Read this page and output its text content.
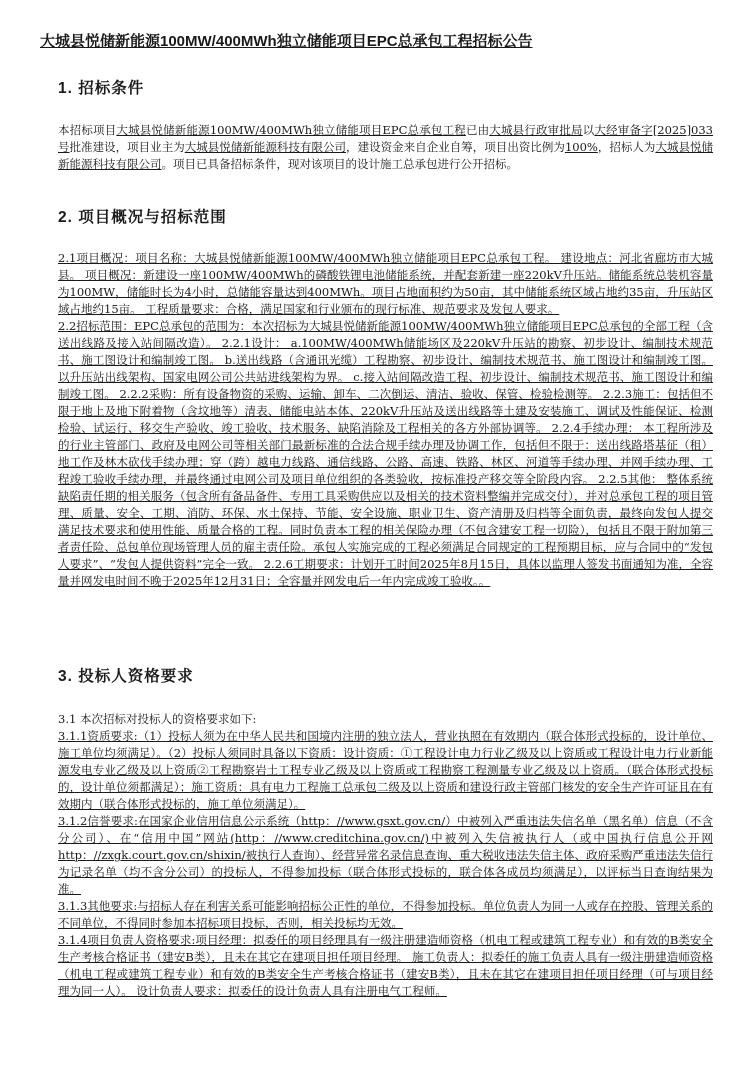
大城县悦储新能源100MW/400MWh独立储能项目EPC总承包工程招标公告
1. 招标条件
本招标项目大城县悦储新能源100MW/400MWh独立储能项目EPC总承包工程已由大城县行政审批局以大经审备字[2025]033号批准建设，项目业主为大城县悦储新能源科技有限公司，建设资金来自企业自筹，项目出资比例为100%，招标人为大城县悦储新能源科技有限公司。项目已具备招标条件，现对该项目的设计施工总承包进行公开招标。
2. 项目概况与招标范围
2.1项目概况：项目名称：大城县悦储新能源100MW/400MWh独立储能项目EPC总承包工程。 建设地点：河北省廊坊市大城县。 项目概况：新建设一座100MW/400MWh的磷酸铁锂电池储能系统，并配套新建一座220kV升压站。储能系统总装机容量为100MW，储能时长为4小时，总储能容量达到400MWh。项目占地面积约为50亩，其中储能系统区域占地约35亩，升压站区域占地约15亩。 工程质量要求：合格，满足国家和行业颁布的现行标准、规范要求及发包人要求。
2.2招标范围：EPC总承包的范围为：本次招标为大城县悦储新能源100MW/400MWh独立储能项目EPC总承包的全部工程（含送出线路及接入站间隔改造）。 2.2.1设计： a.100MW/400MWh储能场区及220kV升压站的勘察、初步设计、编制技术规范书、施工图设计和编制竣工图。 b.送出线路（含通讯光缆）工程勘察、初步设计、编制技术规范书、施工图设计和编制竣工图。以升压站出线架构、国家电网公司公共站进线架构为界。 c.接入站间隔改造工程、初步设计、编制技术规范书、施工图设计和编制竣工图。 2.2.2采购：所有设备物资的采购、运输、卸车、二次倒运、清洁、验收、保管、检验检测等。 2.2.3施工：包括但不限于地上及地下附着物（含坟地等）清表、储能电站本体、220kV升压站及送出线路等土建及安装施工、调试及性能保证、检测检验、试运行、移交生产验收、竣工验收、技术服务、缺陷消除及工程相关的各方外部协调等。 2.2.4手续办理： 本工程所涉及的行业主管部门、政府及电网公司等相关部门最新标准的合法合规手续办理及协调工作，包括但不限于：送出线路塔基征（租）地工作及林木砍伐手续办理；穿（跨）越电力线路、通信线路、公路、高速、铁路、林区、河道等手续办理、并网手续办理、工程竣工验收手续办理，并最终通过电网公司及项目单位组织的各类验收，按标准投产移交等全阶段内容。 2.2.5其他： 整体系统缺陷责任期的相关服务（包含所有备品备件、专用工具采购供应以及相关的技术资料整编并完成交付），并对总承包工程的项目管理、质量、安全、工期、消防、环保、水土保持、节能、安全设施、职业卫生、资产清册及归档等全面负责，最终向发包人提交满足技术要求和使用性能、质量合格的工程。同时负责本工程的相关保险办理（不包含建安工程一切险），包括且不限于附加第三者责任险、总包单位现场管理人员的雇主责任险。承包人实施完成的工程必须满足合同规定的工程预期目标，应与合同中的“发包人要求”、“发包人提供资料”完全一致。 2.2.6工期要求：计划开工时间2025年8月15日，具体以监理人签发书面通知为准，全容量并网发电时间不晚于2025年12月31日；全容量并网发电后一年内完成竣工验收。。
3. 投标人资格要求
3.1 本次招标对投标人的资格要求如下:
3.1.1资质要求:（1）投标人须为在中华人民共和国境内注册的独立法人，营业执照在有效期内（联合体形式投标的，设计单位、施工单位均须满足）。（2）投标人须同时具备以下资质：设计资质：①工程设计电力行业乙级及以上资质或工程设计电力行业新能源发电专业乙级及以上资质②工程勘察岩土工程专业乙级及以上资质或工程勘察工程测量专业乙级及以上资质。（联合体形式投标的，设计单位须都满足）；施工资质：具有电力工程施工总承包二级及以上资质和建设行政主管部门核发的安全生产许可证且在有效期内（联合体形式投标的，施工单位须满足）。
3.1.2信誉要求:在国家企业信用信息公示系统（http：//www.gsxt.gov.cn/）中被列入严重违法失信名单（黑名单）信息（不含分公司）、在“信用中国”网站(http：//www.creditchina.gov.cn/)中被列入失信被执行人（或中国执行信息公开网http：//zxgk.court.gov.cn/shixin/被执行人查询）、经营异常名录信息查询、重大税收违法失信主体、政府采购严重违法失信行为记录名单（均不含分公司）的投标人，不得参加投标（联合体形式投标的，联合体各成员均须满足），以评标当日查询结果为准。
3.1.3其他要求:与招标人存在利害关系可能影响招标公正性的单位，不得参加投标。单位负责人为同一人或存在控股、管理关系的不同单位，不得同时参加本招标项目投标，否则，相关投标均无效。
3.1.4项目负责人资格要求:项目经理：拟委任的项目经理具有一级注册建造师资格（机电工程或建筑工程专业）和有效的B类安全生产考核合格证书（建安B类），且未在其它在建项目担任项目经理。 施工负责人：拟委任的施工负责人具有一级注册建造师资格（机电工程或建筑工程专业）和有效的B类安全生产考核合格证书（建安B类），且未在其它在建项目担任项目经理（可与项目经理为同一人）。 设计负责人要求：拟委任的设计负责人具有注册电气工程师。
